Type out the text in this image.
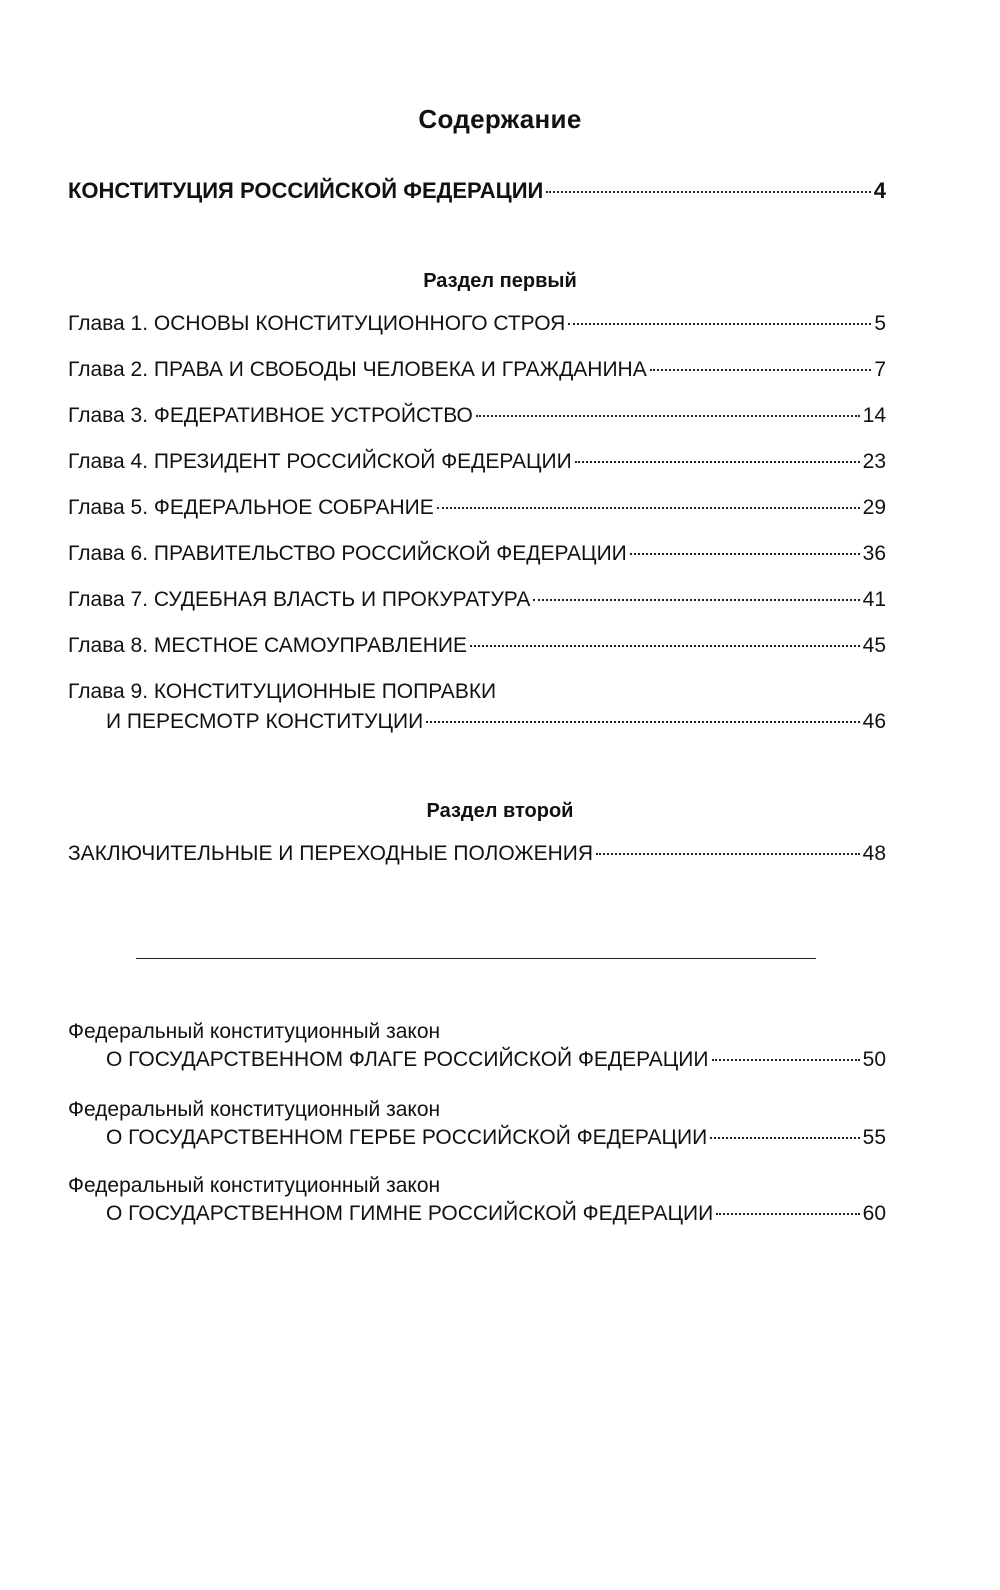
Содержание
КОНСТИТУЦИЯ РОССИЙСКОЙ ФЕДЕРАЦИИ	4
Раздел первый
Глава 1. ОСНОВЫ КОНСТИТУЦИОННОГО СТРОЯ	5
Глава 2. ПРАВА И СВОБОДЫ ЧЕЛОВЕКА И ГРАЖДАНИНА	7
Глава 3. ФЕДЕРАТИВНОЕ УСТРОЙСТВО	14
Глава 4. ПРЕЗИДЕНТ РОССИЙСКОЙ ФЕДЕРАЦИИ	23
Глава 5. ФЕДЕРАЛЬНОЕ СОБРАНИЕ	29
Глава 6. ПРАВИТЕЛЬСТВО РОССИЙСКОЙ ФЕДЕРАЦИИ	36
Глава 7. СУДЕБНАЯ ВЛАСТЬ И ПРОКУРАТУРА	41
Глава 8. МЕСТНОЕ САМОУПРАВЛЕНИЕ	45
Глава 9. КОНСТИТУЦИОННЫЕ ПОПРАВКИ
И ПЕРЕСМОТР КОНСТИТУЦИИ	46
Раздел второй
ЗАКЛЮЧИТЕЛЬНЫЕ И ПЕРЕХОДНЫЕ ПОЛОЖЕНИЯ	48
Федеральный конституционный закон
О ГОСУДАРСТВЕННОМ ФЛАГЕ РОССИЙСКОЙ ФЕДЕРАЦИИ	50
Федеральный конституционный закон
О ГОСУДАРСТВЕННОМ ГЕРБЕ РОССИЙСКОЙ ФЕДЕРАЦИИ	55
Федеральный конституционный закон
О ГОСУДАРСТВЕННОМ ГИМНЕ РОССИЙСКОЙ ФЕДЕРАЦИИ	60
